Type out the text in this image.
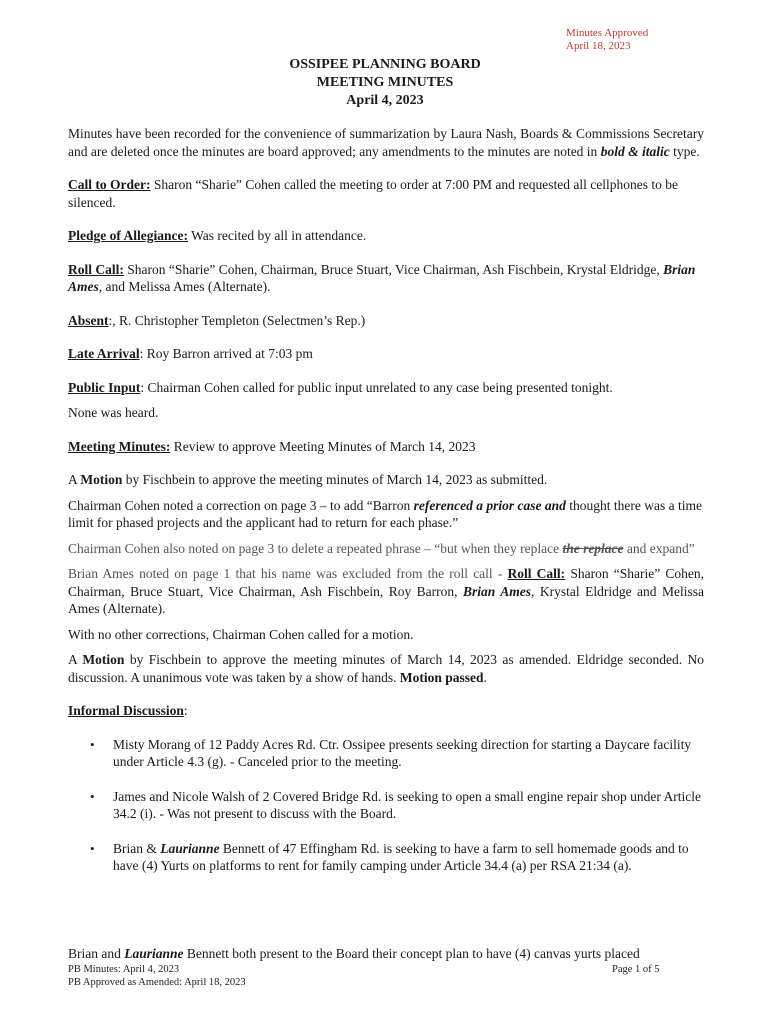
Minutes Approved
April 18, 2023
OSSIPEE PLANNING BOARD
MEETING MINUTES
April 4, 2023

Minutes have been recorded for the convenience of summarization by Laura Nash, Boards & Commissions Secretary and are deleted once the minutes are board approved; any amendments to the minutes are noted in bold & italic type.

Call to Order: Sharon “Sharie” Cohen called the meeting to order at 7:00 PM and requested all cellphones to be silenced.

Pledge of Allegiance: Was recited by all in attendance.

Roll Call: Sharon “Sharie” Cohen, Chairman, Bruce Stuart, Vice Chairman, Ash Fischbein, Krystal Eldridge, Brian Ames, and Melissa Ames (Alternate).

Absent:, R. Christopher Templeton (Selectmen’s Rep.)

Late Arrival: Roy Barron arrived at 7:03 pm

Public Input: Chairman Cohen called for public input unrelated to any case being presented tonight.

None was heard.

Meeting Minutes: Review to approve Meeting Minutes of March 14, 2023

A Motion by Fischbein to approve the meeting minutes of March 14, 2023 as submitted.

Chairman Cohen noted a correction on page 3 – to add “Barron referenced a prior case and thought there was a time limit for phased projects and the applicant had to return for each phase.”

Chairman Cohen also noted on page 3 to delete a repeated phrase – “but when they replace the replace and expand”

Brian Ames noted on page 1 that his name was excluded from the roll call - Roll Call: Sharon “Sharie” Cohen, Chairman, Bruce Stuart, Vice Chairman, Ash Fischbein, Roy Barron, Brian Ames, Krystal Eldridge and Melissa Ames (Alternate).

With no other corrections, Chairman Cohen called for a motion.

A Motion by Fischbein to approve the meeting minutes of March 14, 2023 as amended. Eldridge seconded. No discussion. A unanimous vote was taken by a show of hands. Motion passed.

Informal Discussion:

• Misty Morang of 12 Paddy Acres Rd. Ctr. Ossipee presents seeking direction for starting a Daycare facility under Article 4.3 (g). - Canceled prior to the meeting.
• James and Nicole Walsh of 2 Covered Bridge Rd. is seeking to open a small engine repair shop under Article 34.2 (i). - Was not present to discuss with the Board.
• Brian & Laurianne Bennett of 47 Effingham Rd. is seeking to have a farm to sell homemade goods and to have (4) Yurts on platforms to rent for family camping under Article 34.4 (a) per RSA 21:34 (a).

Brian and Laurianne Bennett both present to the Board their concept plan to have (4) canvas yurts placed

PB Minutes: April 4, 2023
PB Approved as Amended: April 18, 2023
Page 1 of 5
